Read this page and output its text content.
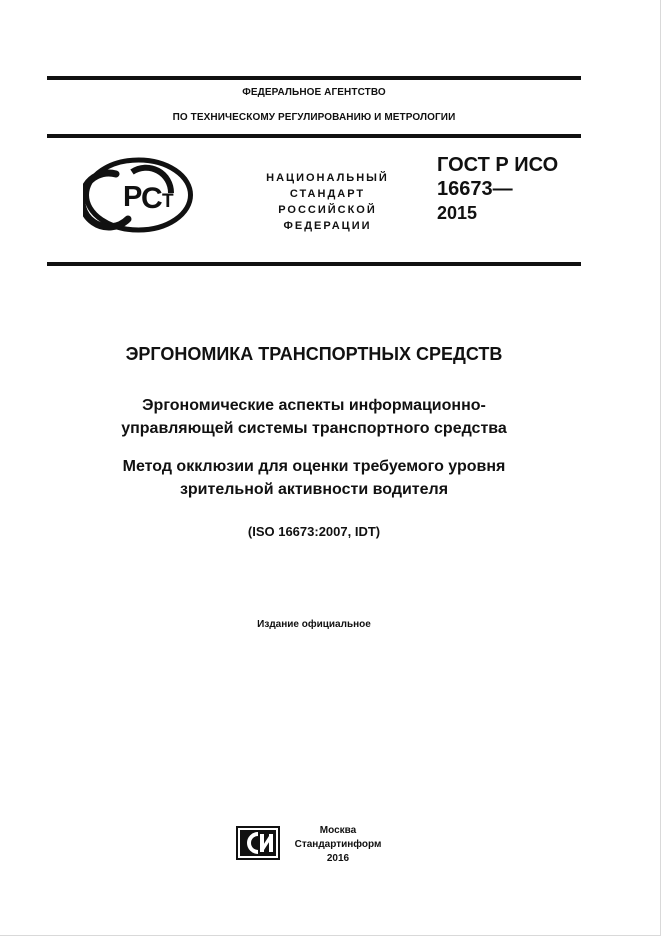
ФЕДЕРАЛЬНОЕ АГЕНТСТВО
ПО ТЕХНИЧЕСКОМУ РЕГУЛИРОВАНИЮ И МЕТРОЛОГИИ
Р
С Т
НАЦИОНАЛЬНЫЙ
СТАНДАРТ
РОССИЙСКОЙ
ФЕДЕРАЦИИ
ГОСТ Р ИСО
16673—
2015
ЭРГОНОМИКА ТРАНСПОРТНЫХ СРЕДСТВ
Эргономические аспекты информационно-
управляющей системы транспортного средства
Метод окклюзии для оценки требуемого уровня
зрительной активности водителя
(ISO 16673:2007, IDT)
Издание официальное
Москва
Стандартинформ
2016
